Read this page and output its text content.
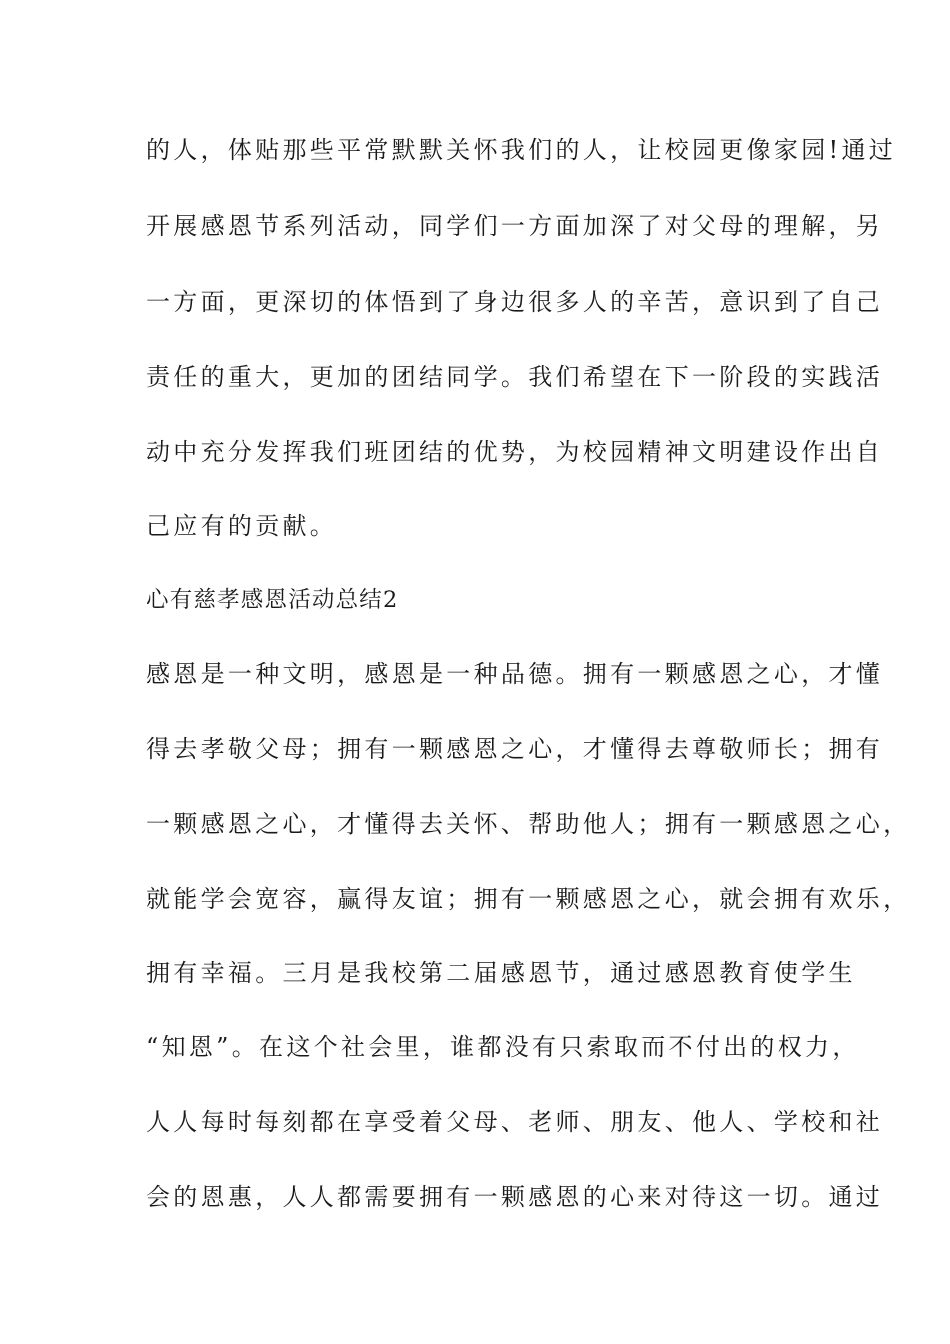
的人，体贴那些平常默默关怀我们的人，让校园更像家园!通过
开展感恩节系列活动，同学们一方面加深了对父母的理解，另
一方面，更深切的体悟到了身边很多人的辛苦，意识到了自己
责任的重大，更加的团结同学。我们希望在下一阶段的实践活
动中充分发挥我们班团结的优势，为校园精神文明建设作出自
己应有的贡献。
心有慈孝感恩活动总结2
感恩是一种文明，感恩是一种品德。拥有一颗感恩之心，才懂
得去孝敬父母；拥有一颗感恩之心，才懂得去尊敬师长；拥有
一颗感恩之心，才懂得去关怀、帮助他人；拥有一颗感恩之心，
就能学会宽容，赢得友谊；拥有一颗感恩之心，就会拥有欢乐，
拥有幸福。三月是我校第二届感恩节，通过感恩教育使学生
“知恩”。在这个社会里，谁都没有只索取而不付出的权力，
人人每时每刻都在享受着父母、老师、朋友、他人、学校和社
会的恩惠，人人都需要拥有一颗感恩的心来对待这一切。通过
